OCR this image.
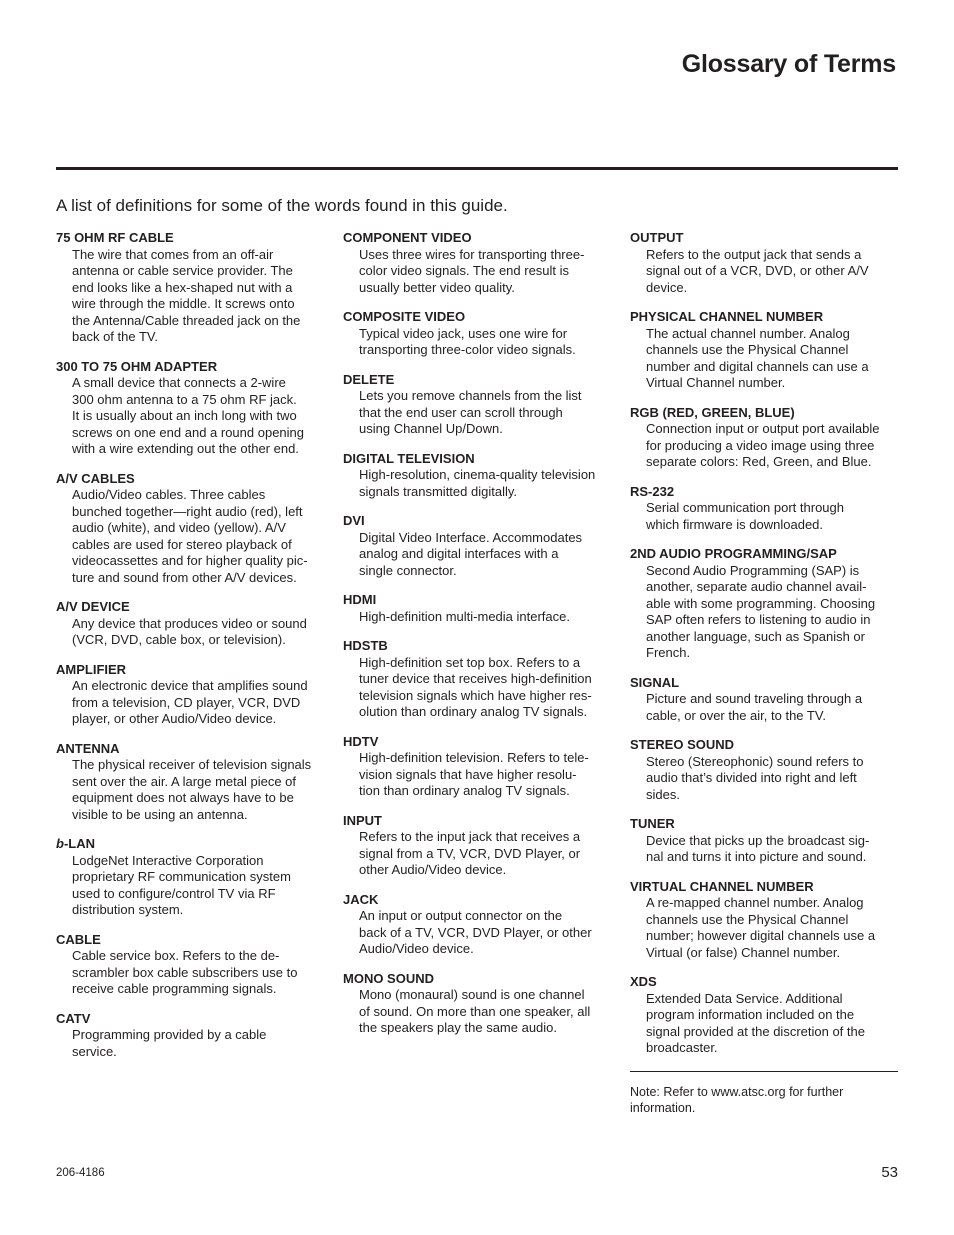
Glossary of Terms

A list of definitions for some of the words found in this guide.

75 OHM RF CABLE

The wire that comes from an off-air
antenna or cable service provider. The
end looks like a hex-shaped nut with a
wire through the middle. It screws onto
the Antenna/Cable threaded jack on the
back of the TV.

300 TO 75 OHM ADAPTER

A small device that connects a 2-wire
300 ohm antenna to a 75 ohm RF jack.
It is usually about an inch long with two
screws on one end and a round opening
with a wire extending out the other end.

A/V CABLES

Audio/Video cables. Three cables
bunched together—right audio (red), left
audio (white), and video (yellow). A/V
cables are used for stereo playback of
videocassettes and for higher quality pic-
ture and sound from other A/V devices.

A/V DEVICE

Any device that produces video or sound
(VCR, DVD, cable box, or television).

AMPLIFIER

An electronic device that amplifies sound
from a television, CD player, VCR, DVD
player, or other Audio/Video device.

ANTENNA

The physical receiver of television signals
sent over the air. A large metal piece of
equipment does not always have to be
visible to be using an antenna.

b-LAN

LodgeNet Interactive Corporation
proprietary RF communication system
used to configure/control TV via RF
distribution system.

CABLE

Cable service box. Refers to the de-
scrambler box cable subscribers use to
receive cable programming signals.

CATV

Programming provided by a cable
service.

COMPONENT VIDEO

Uses three wires for transporting three-
color video signals. The end result is
usually better video quality.

COMPOSITE VIDEO

Typical video jack, uses one wire for
transporting three-color video signals.

DELETE

Lets you remove channels from the list
that the end user can scroll through
using Channel Up/Down.

DIGITAL TELEVISION

High-resolution, cinema-quality television
signals transmitted digitally.

DVI

Digital Video Interface. Accommodates
analog and digital interfaces with a
single connector.

HDMI

High-definition multi-media interface.

HDSTB

High-definition set top box. Refers to a
tuner device that receives high-definition
television signals which have higher res-
olution than ordinary analog TV signals.

HDTV

High-definition television. Refers to tele-
vision signals that have higher resolu-
tion than ordinary analog TV signals.

INPUT

Refers to the input jack that receives a
signal from a TV, VCR, DVD Player, or
other Audio/Video device.

JACK

An input or output connector on the
back of a TV, VCR, DVD Player, or other
Audio/Video device.

MONO SOUND

Mono (monaural) sound is one channel
of sound. On more than one speaker, all
the speakers play the same audio.

OUTPUT

Refers to the output jack that sends a
signal out of a VCR, DVD, or other A/V
device.

PHYSICAL CHANNEL NUMBER

The actual channel number. Analog
channels use the Physical Channel
number and digital channels can use a
Virtual Channel number.

RGB (RED, GREEN, BLUE)

Connection input or output port available
for producing a video image using three
separate colors: Red, Green, and Blue.

RS-232

Serial communication port through
which firmware is downloaded.

2ND AUDIO PROGRAMMING/SAP

Second Audio Programming (SAP) is
another, separate audio channel avail-
able with some programming. Choosing
SAP often refers to listening to audio in
another language, such as Spanish or
French.

SIGNAL

Picture and sound traveling through a
cable, or over the air, to the TV.

STEREO SOUND

Stereo (Stereophonic) sound refers to
audio that’s divided into right and left
sides.

TUNER

Device that picks up the broadcast sig-
nal and turns it into picture and sound.

VIRTUAL CHANNEL NUMBER

A re-mapped channel number. Analog
channels use the Physical Channel
number; however digital channels use a
Virtual (or false) Channel number.

XDS

Extended Data Service. Additional
program information included on the
signal provided at the discretion of the
broadcaster.

Note: Refer to www.atsc.org for further
information.

206-4186	53
